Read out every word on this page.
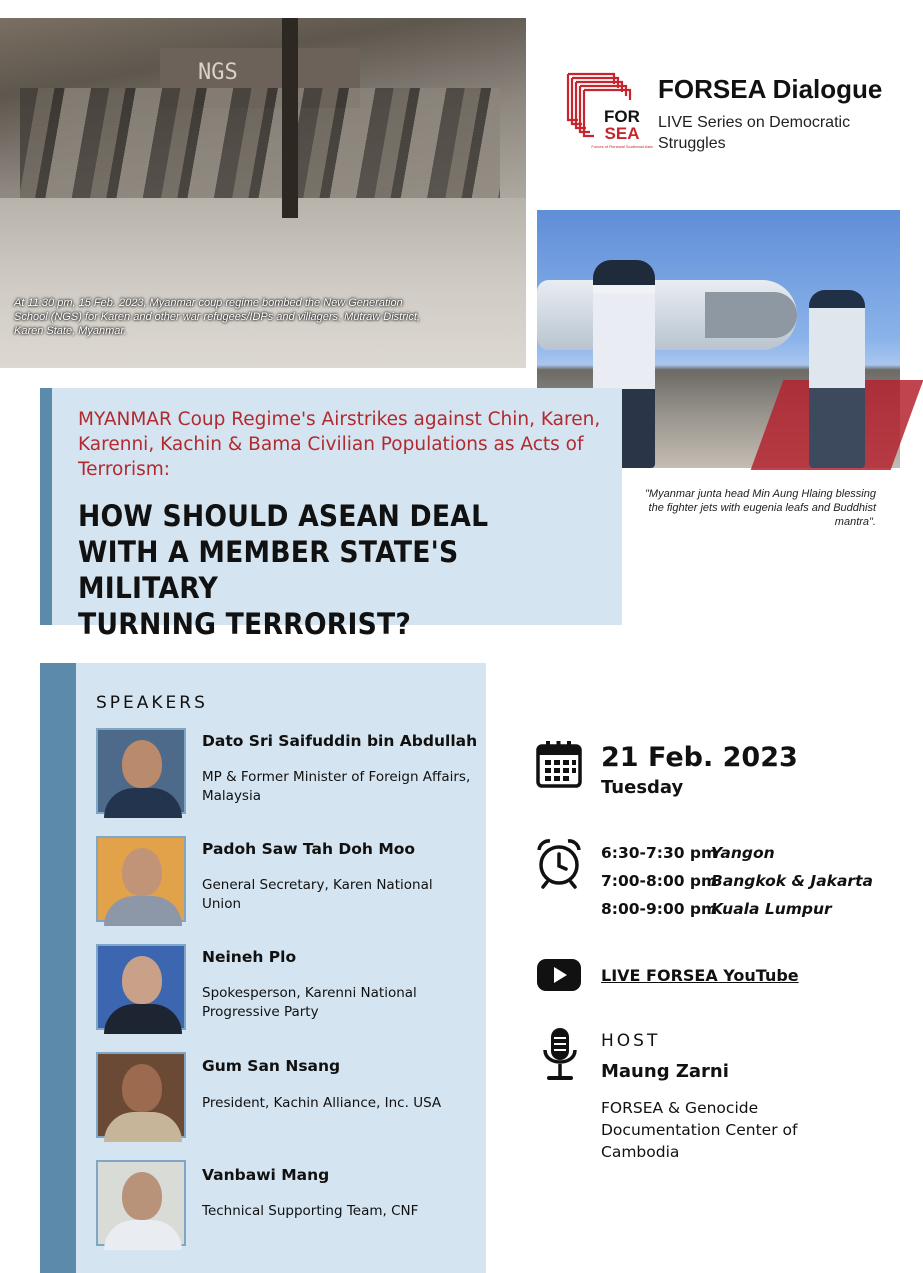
NGS
At 11:30 pm, 15 Feb. 2023, Myanmar coup regime bombed the New Generation School (NGS) for Karen and other war refugees/IDPs and villagers, Mutraw District, Karen State, Myanmar.
FOR
SEA
Forces of Renewal Southeast Asia
FORSEA Dialogue
LIVE Series on Democratic Struggles
"Myanmar junta head Min Aung Hlaing blessing the fighter jets with eugenia leafs and Buddhist mantra".
MYANMAR Coup Regime's Airstrikes against Chin, Karen, Karenni, Kachin & Bama Civilian Populations as Acts of Terrorism:
HOW SHOULD ASEAN DEAL
WITH A MEMBER STATE'S MILITARY
TURNING TERRORIST?
SPEAKERS
Dato Sri Saifuddin bin Abdullah
MP & Former Minister of Foreign Affairs, Malaysia
Padoh Saw Tah Doh Moo
General Secretary, Karen National Union
Neineh Plo
Spokesperson, Karenni National Progressive Party
Gum San Nsang
President, Kachin Alliance, Inc. USA
Vanbawi Mang
Technical Supporting Team, CNF
21 Feb. 2023
Tuesday
6:30-7:30 pm
Yangon
7:00-8:00 pm
Bangkok & Jakarta
8:00-9:00 pm
Kuala Lumpur
LIVE FORSEA YouTube
HOST
Maung Zarni
FORSEA & Genocide Documentation Center of Cambodia
